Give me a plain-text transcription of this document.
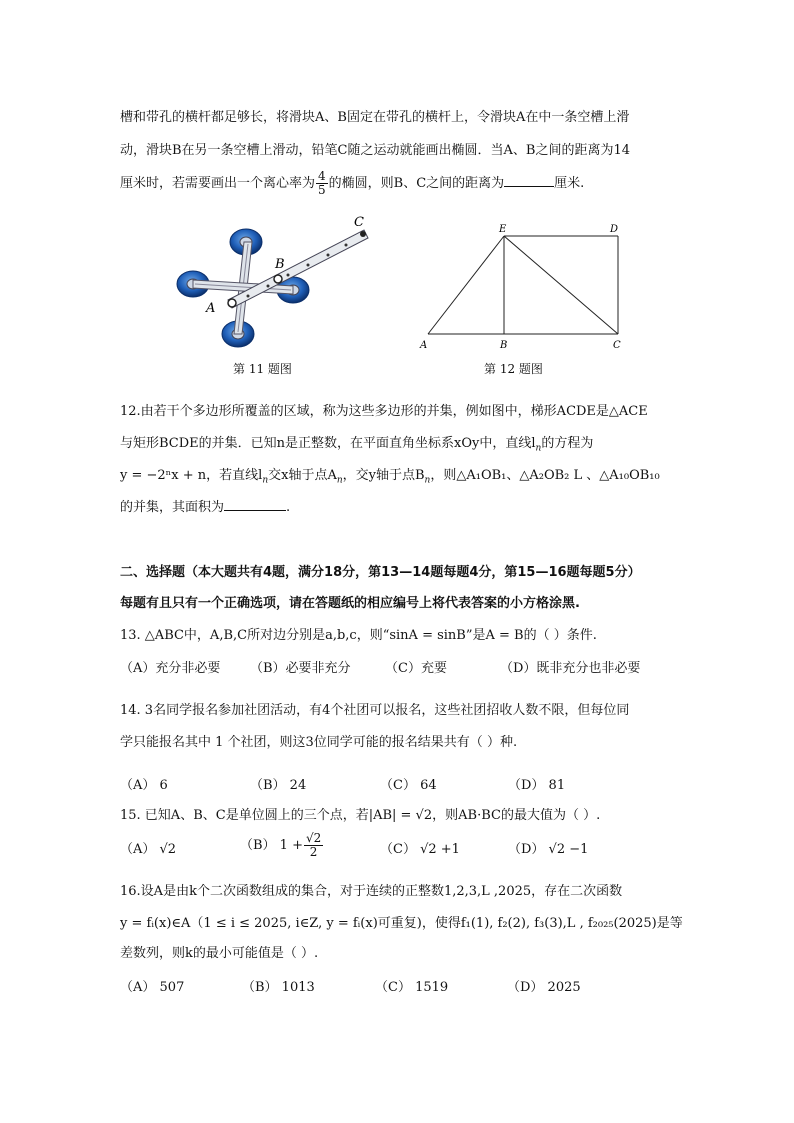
槽和带孔的横杆都足够长，将滑块A、B固定在带孔的横杆上，令滑块A在中一条空槽上滑
动，滑块B在另一条空槽上滑动，铅笔C随之运动就能画出椭圆．当A、B之间的距离为14
厘米时，若需要画出一个离心率为 $\frac{4}{5}$ 的椭圆，则B、C之间的距离为	厘米.
A
B
C
第 11 题图
E	D
A	B	C
第 12 题图
12.由若干个多边形所覆盖的区域，称为这些多边形的并集，例如图中，梯形ACDE是△ACE
与矩形BCDE的并集．已知n是正整数，在平面直角坐标系xOy中，直线$l_n$的方程为
y = −2ⁿx + n，若直线$l_n$交x轴于点$A_n$，交y轴于点$B_n$，则△A₁OB₁、△A₂OB₂ L 、△A₁₀OB₁₀
的并集，其面积为	.
二、选择题（本大题共有4题，满分18分，第13—14题每题4分，第15—16题每题5分）
每题有且只有一个正确选项，请在答题纸的相应编号上将代表答案的小方格涂黑.
13. △ABC中，A,B,C所对边分别是a,b,c，则“sinA = sinB”是A = B的（ ）条件.
（A）充分非必要 （B）必要非充分	（C）充要	（D）既非充分也非必要
14. 3名同学报名参加社团活动，有4个社团可以报名，这些社团招收人数不限，但每位同
学只能报名其中 1 个社团，则这3位同学可能的报名结果共有（ ）种.
（A） 6	（B） 24	（C） 64	（D） 81
15. 已知A、B、C是单位圆上的三个点，若|AB| = √2，则AB·BC的最大值为（ ）.
（A） √2	（B） $1 + \frac{√2}{2}$	（C） √2 +1	（D） √2 −1
16.设A是由k个二次函数组成的集合，对于连续的正整数1,2,3,L ,2025，存在二次函数
y = fᵢ(x)∈A（1 ≤ i ≤ 2025, i∈Z, y = fᵢ(x)可重复)，使得f₁(1), f₂(2), f₃(3),L , f₂₀₂₅(2025)是等
差数列，则k的最小可能值是（ ）.
（A） 507	（B） 1013	（C） 1519	（D） 2025
